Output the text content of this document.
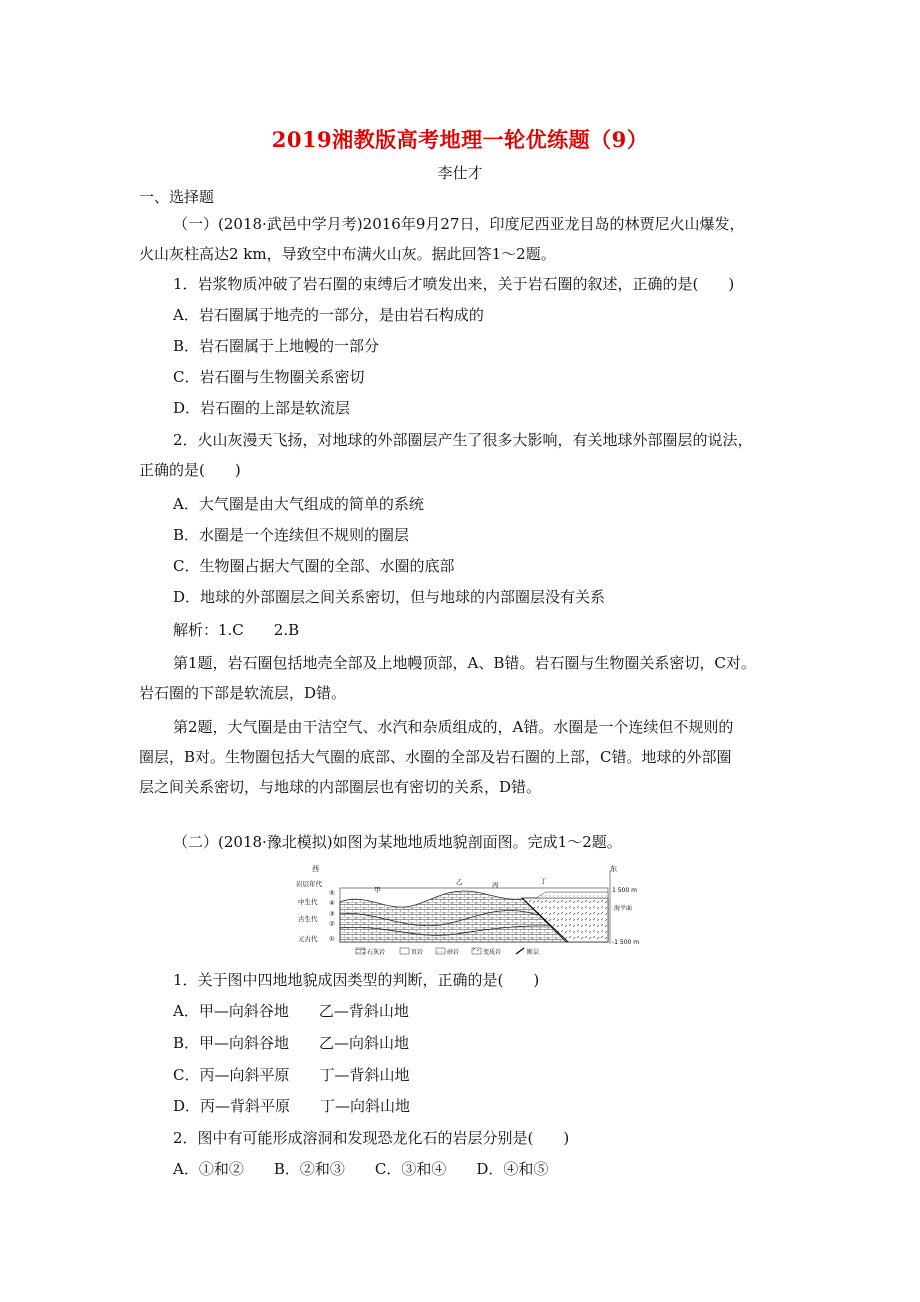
2019湘教版高考地理一轮优练题（9）
李仕才
一、选择题
（一）(2018·武邑中学月考)2016年9月27日，印度尼西亚龙目岛的林贾尼火山爆发，
火山灰柱高达2 km，导致空中布满火山灰。据此回答1～2题。
1．岩浆物质冲破了岩石圈的束缚后才喷发出来，关于岩石圈的叙述，正确的是(　　)
A．岩石圈属于地壳的一部分，是由岩石构成的
B．岩石圈属于上地幔的一部分
C．岩石圈与生物圈关系密切
D．岩石圈的上部是软流层
2．火山灰漫天飞扬，对地球的外部圈层产生了很多大影响，有关地球外部圈层的说法，
正确的是(　　)
A．大气圈是由大气组成的简单的系统
B．水圈是一个连续但不规则的圈层
C．生物圈占据大气圈的全部、水圈的底部
D．地球的外部圈层之间关系密切，但与地球的内部圈层没有关系
解析：1.C　　2.B
第1题，岩石圈包括地壳全部及上地幔顶部，A、B错。岩石圈与生物圈关系密切，C对。
岩石圈的下部是软流层，D错。
第2题，大气圈是由干洁空气、水汽和杂质组成的，A错。水圈是一个连续但不规则的
圈层，B对。生物圈包括大气圈的底部、水圈的全部及岩石圈的上部，C错。地球的外部圈
层之间关系密切，与地球的内部圈层也有密切的关系，D错。
（二）(2018·豫北模拟)如图为某地地质地貌剖面图。完成1～2题。
西	东
岩层年代
中生代
古生代
元古代
⑤
④
③
②
①
甲
乙	丙	丁
1 500 m
海平面
-1 500 m
石灰岩	页岩	砂岩	变质岩	断层
1．关于图中四地地貌成因类型的判断，正确的是(　　)
A．甲—向斜谷地　　乙—背斜山地
B．甲—向斜谷地　　乙—向斜山地
C．丙—向斜平原　　丁—背斜山地
D．丙—背斜平原　　丁—向斜山地
2．图中有可能形成溶洞和发现恐龙化石的岩层分别是(　　)
A．①和②　　B．②和③　　C．③和④　　D．④和⑤
